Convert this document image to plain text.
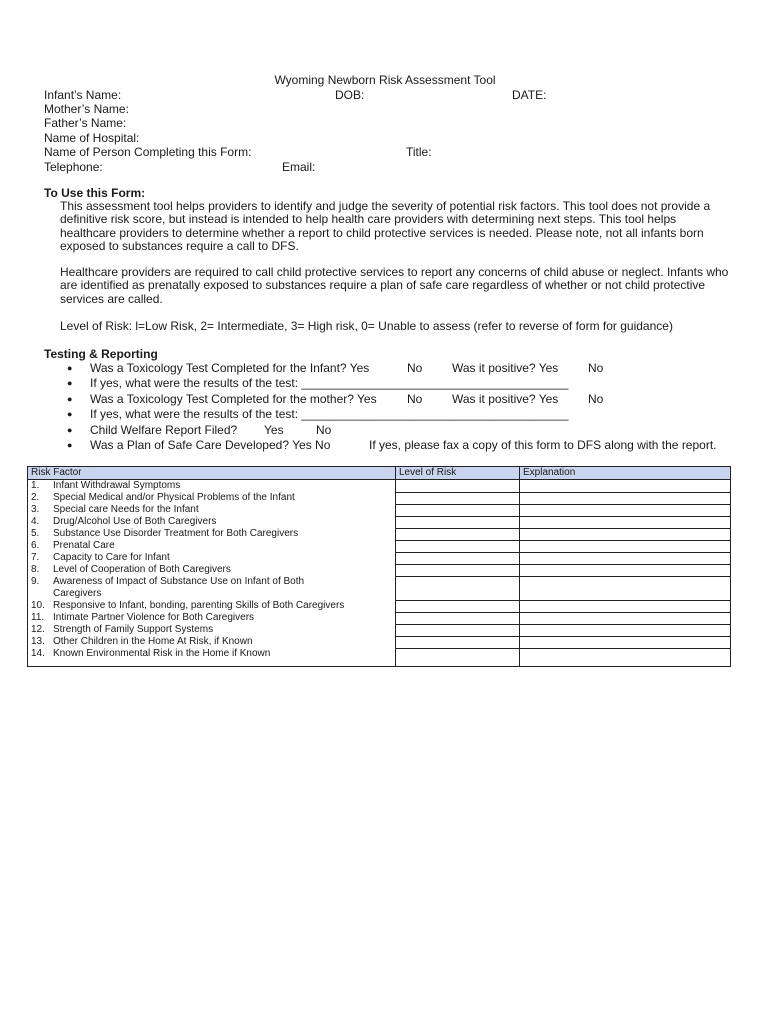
Wyoming Newborn Risk Assessment Tool
Infant’s Name:	DOB:	DATE:
Mother’s Name:
Father’s Name:
Name of Hospital:
Name of Person Completing this Form:	Title:
Telephone:	Email:
To Use this Form:
This assessment tool helps providers to identify and judge the severity of potential risk factors. This tool does not provide a definitive risk score, but instead is intended to help health care providers with determining next steps. This tool helps healthcare providers to determine whether a report to child protective services is needed. Please note, not all infants born exposed to substances require a call to DFS.
Healthcare providers are required to call child protective services to report any concerns of child abuse or neglect. Infants who are identified as prenatally exposed to substances require a plan of safe care regardless of whether or not child protective services are called.
Level of Risk: l=Low Risk, 2= Intermediate, 3= High risk, 0= Unable to assess (refer to reverse of form for guidance)
Testing & Reporting
● Was a Toxicology Test Completed for the Infant? Yes	No Was it positive? Yes No
● If yes, what were the results of the test: ________________________________________
● Was a Toxicology Test Completed for the mother? Yes	No Was it positive? Yes No
● If yes, what were the results of the test: ________________________________________
● Child Welfare Report Filed? Yes	No
● Was a Plan of Safe Care Developed? Yes No	If yes, please fax a copy of this form to DFS along with the report.
Risk Factor	Level of Risk	Explanation
1. Infant Withdrawal Symptoms		
2. Special Medical and/or Physical Problems of the Infant		
3. Special care Needs for the Infant		
4. Drug/Alcohol Use of Both Caregivers		
5. Substance Use Disorder Treatment for Both Caregivers		
6. Prenatal Care		
7. Capacity to Care for Infant		
8. Level of Cooperation of Both Caregivers		
9. Awareness of Impact of Substance Use on Infant of Both Caregivers		
10. Responsive to Infant, bonding, parenting Skills of Both Caregivers		
11. Intimate Partner Violence for Both Caregivers		
12. Strength of Family Support Systems		
13. Other Children in the Home At Risk, if Known		
14. Known Environmental Risk in the Home if Known		
